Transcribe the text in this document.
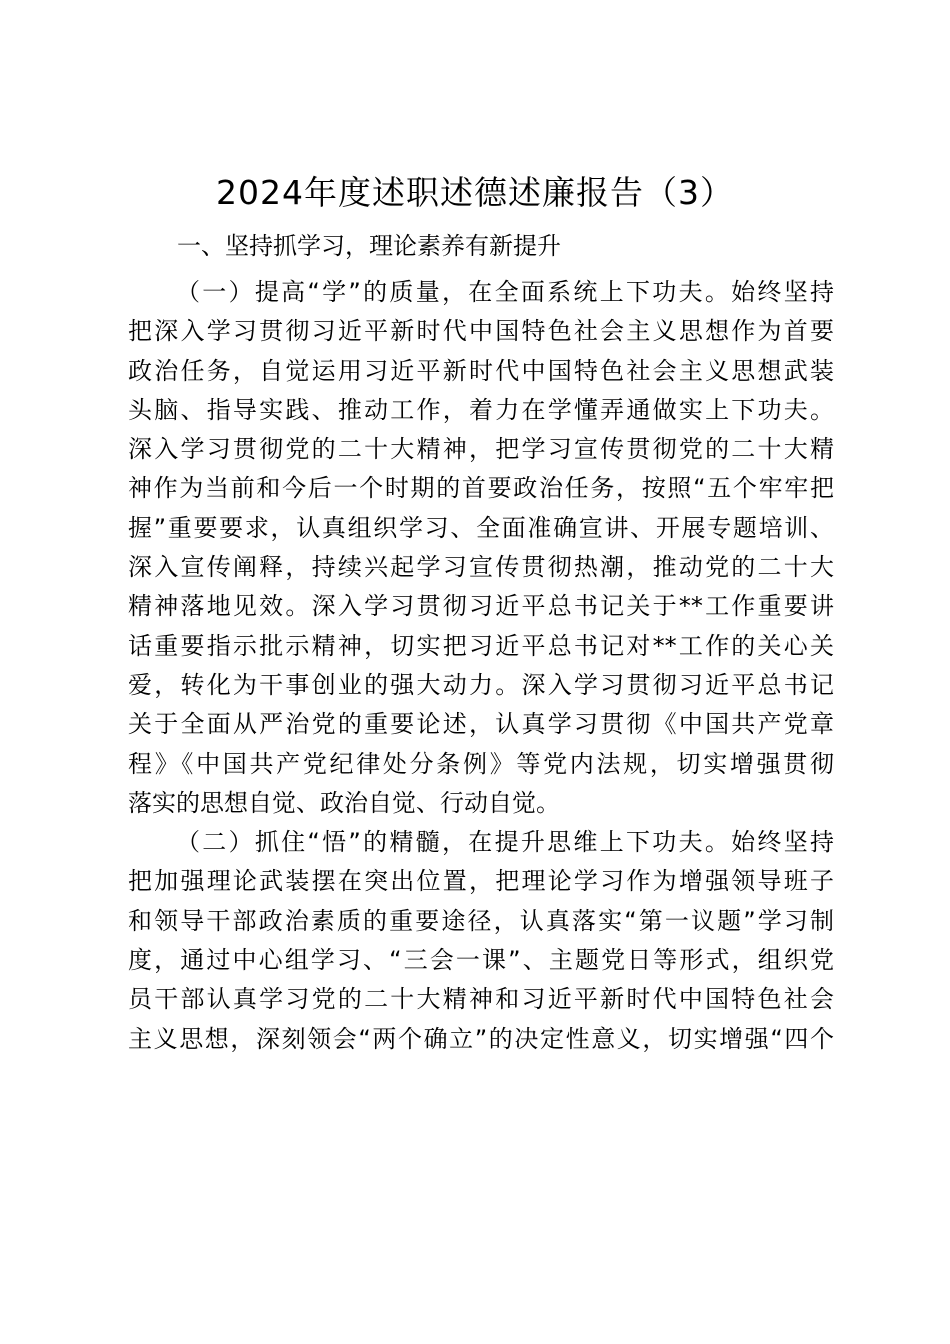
2024年度述职述德述廉报告（3）
一、坚持抓学习，理论素养有新提升
（一）提高“学”的质量，在全面系统上下功夫。始终坚持
把深入学习贯彻习近平新时代中国特色社会主义思想作为首要
政治任务，自觉运用习近平新时代中国特色社会主义思想武装
头脑、指导实践、推动工作，着力在学懂弄通做实上下功夫。
深入学习贯彻党的二十大精神，把学习宣传贯彻党的二十大精
神作为当前和今后一个时期的首要政治任务，按照“五个牢牢把
握”重要要求，认真组织学习、全面准确宣讲、开展专题培训、
深入宣传阐释，持续兴起学习宣传贯彻热潮，推动党的二十大
精神落地见效。深入学习贯彻习近平总书记关于**工作重要讲
话重要指示批示精神，切实把习近平总书记对**工作的关心关
爱，转化为干事创业的强大动力。深入学习贯彻习近平总书记
关于全面从严治党的重要论述，认真学习贯彻《中国共产党章
程》《中国共产党纪律处分条例》等党内法规，切实增强贯彻
落实的思想自觉、政治自觉、行动自觉。
（二）抓住“悟”的精髓，在提升思维上下功夫。始终坚持
把加强理论武装摆在突出位置，把理论学习作为增强领导班子
和领导干部政治素质的重要途径，认真落实“第一议题”学习制
度，通过中心组学习、“三会一课”、主题党日等形式，组织党
员干部认真学习党的二十大精神和习近平新时代中国特色社会
主义思想，深刻领会“两个确立”的决定性意义，切实增强“四个
